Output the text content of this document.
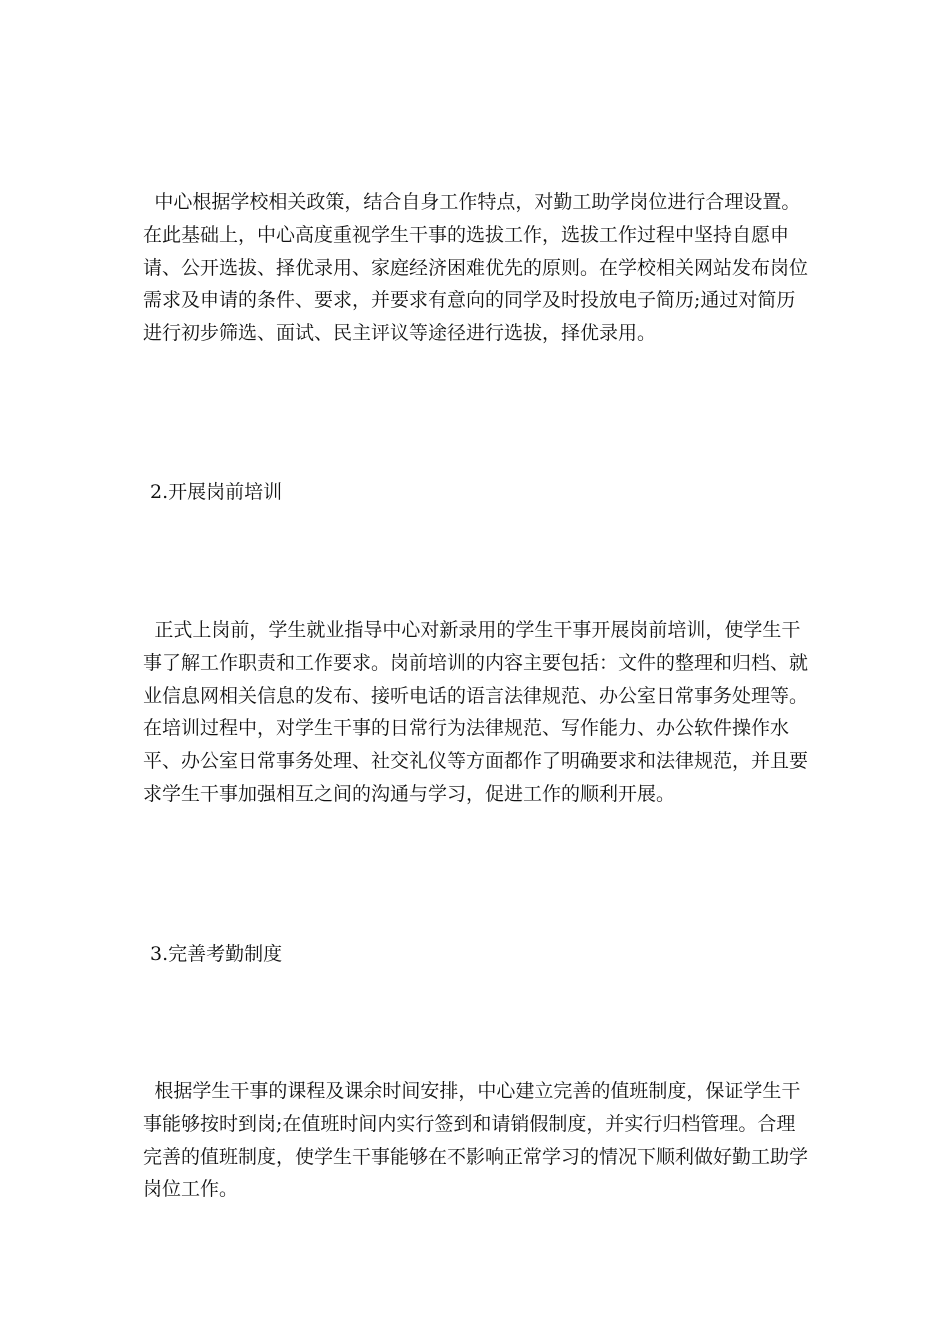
中心根据学校相关政策，结合自身工作特点，对勤工助学岗位进行合理设置。在此基础上，中心高度重视学生干事的选拔工作，选拔工作过程中坚持自愿申请、公开选拔、择优录用、家庭经济困难优先的原则。在学校相关网站发布岗位需求及申请的条件、要求，并要求有意向的同学及时投放电子简历;通过对简历进行初步筛选、面试、民主评议等途径进行选拔，择优录用。

2.开展岗前培训

正式上岗前，学生就业指导中心对新录用的学生干事开展岗前培训，使学生干事了解工作职责和工作要求。岗前培训的内容主要包括：文件的整理和归档、就业信息网相关信息的发布、接听电话的语言法律规范、办公室日常事务处理等。在培训过程中，对学生干事的日常行为法律规范、写作能力、办公软件操作水平、办公室日常事务处理、社交礼仪等方面都作了明确要求和法律规范，并且要求学生干事加强相互之间的沟通与学习，促进工作的顺利开展。

3.完善考勤制度

根据学生干事的课程及课余时间安排，中心建立完善的值班制度，保证学生干事能够按时到岗;在值班时间内实行签到和请销假制度，并实行归档管理。合理完善的值班制度，使学生干事能够在不影响正常学习的情况下顺利做好勤工助学岗位工作。
